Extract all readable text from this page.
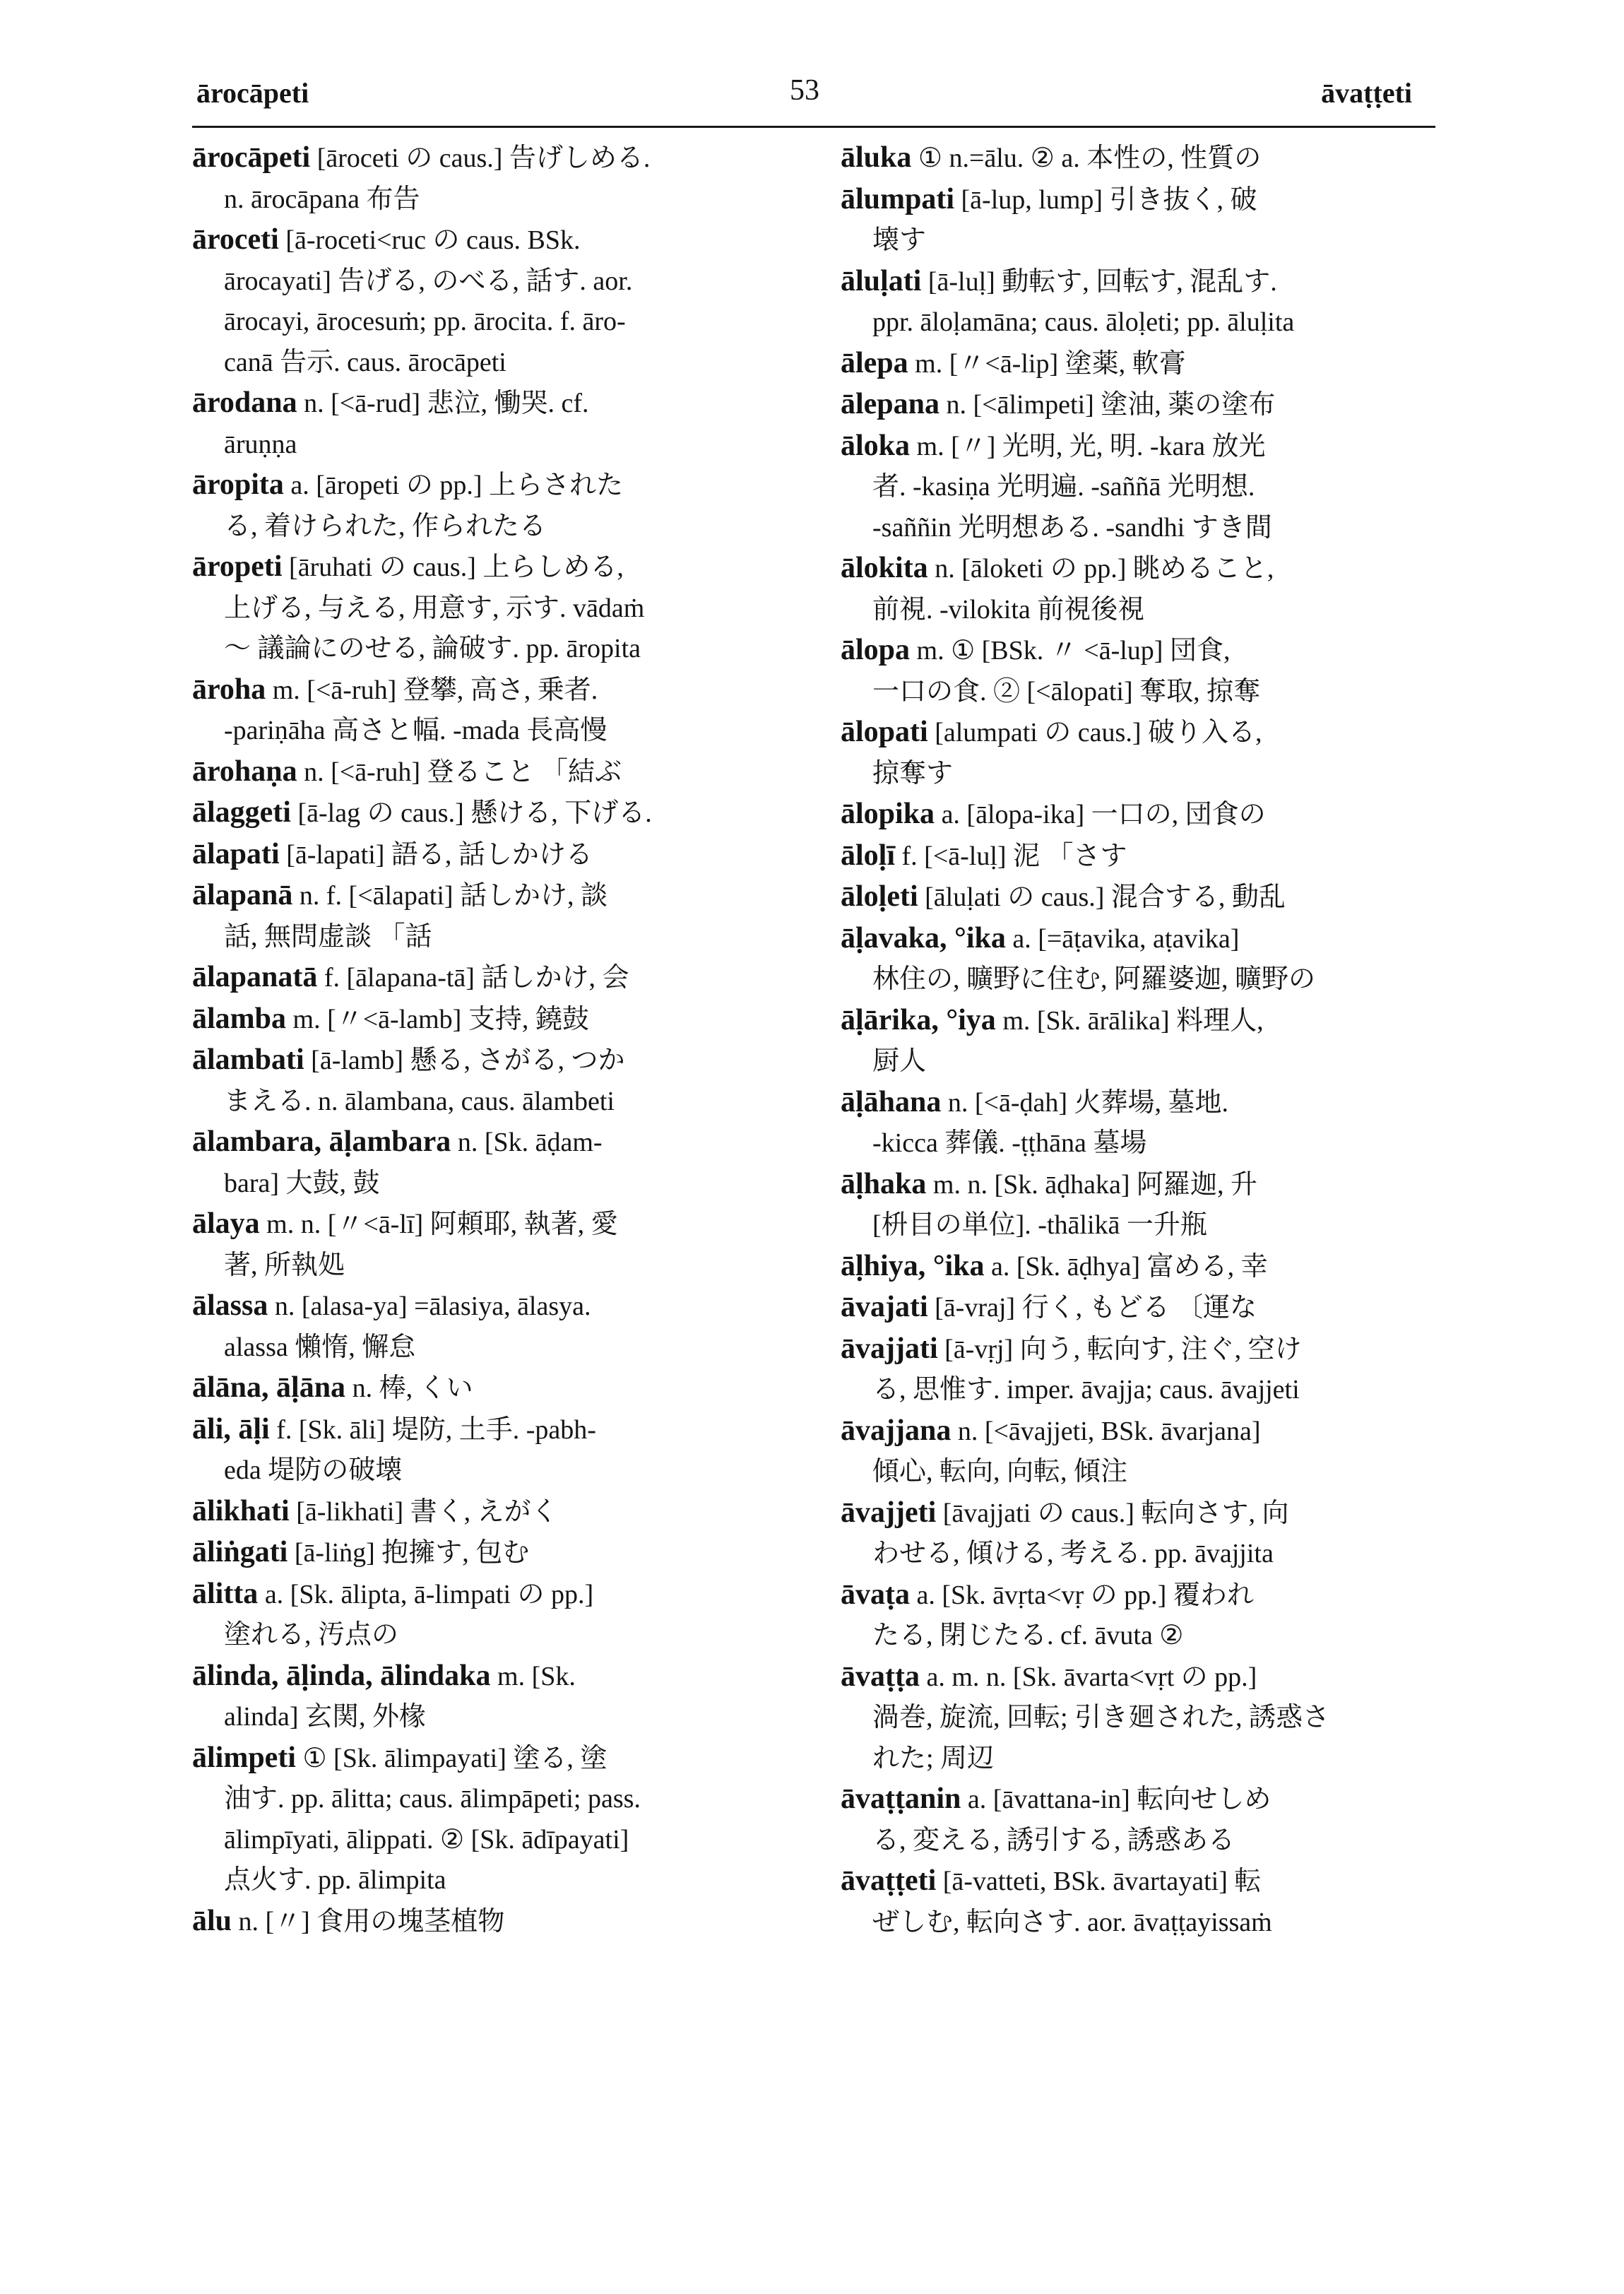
ārocāpeti	53	āvaṭṭeti
ārocāpeti [āroceti の caus.] 告げしめる.
n. ārocāpana 布告
āroceti [ā-roceti<ruc の caus. BSk.
ārocayati] 告げる, のべる, 話す. aor.
ārocayi, ārocesuṁ; pp. ārocita. f. āro-
canā 告示. caus. ārocāpeti
ārodana n. [<ā-rud] 悲泣, 慟哭. cf.
āruṇṇa
āropita a. [āropeti の pp.] 上らされた
る, 着けられた, 作られたる
āropeti [āruhati の caus.] 上らしめる,
上げる, 与える, 用意す, 示す. vādaṁ
～ 議論にのせる, 論破す. pp. āropita
āroha m. [<ā-ruh] 登攀, 高さ, 乗者.
-pariṇāha 高さと幅. -mada 長高慢
ārohaṇa n. [<ā-ruh] 登ること 「結ぶ
ālaggeti [ā-lag の caus.] 懸ける, 下げる.
ālapati [ā-lapati] 語る, 話しかける
ālapanā n. f. [<ālapati] 話しかけ, 談
話, 無問虚談 「話
ālapanatā f. [ālapana-tā] 話しかけ, 会
ālamba m. [〃<ā-lamb] 支持, 鐃鼓
ālambati [ā-lamb] 懸る, さがる, つか
まえる. n. ālambana, caus. ālambeti
ālambara, āḷambara n. [Sk. āḍam-
bara] 大鼓, 鼓
ālaya m. n. [〃<ā-lī] 阿頼耶, 執著, 愛
著, 所執処
ālassa n. [alasa-ya] =ālasiya, ālasya.
alassa 懶惰, 懈怠
ālāna, āḷāna n. 棒, くい
āli, āḷi f. [Sk. āli] 堤防, 土手. -pabh-
eda 堤防の破壊
ālikhati [ā-likhati] 書く, えがく
āliṅgati [ā-liṅg] 抱擁す, 包む
ālitta a. [Sk. ālipta, ā-limpati の pp.]
塗れる, 汚点の
ālinda, āḷinda, ālindaka m. [Sk.
alinda] 玄関, 外椽
ālimpeti ① [Sk. ālimpayati] 塗る, 塗
油す. pp. ālitta; caus. ālimpāpeti; pass.
ālimpīyati, ālippati. ② [Sk. ādīpayati]
点火す. pp. ālimpita
ālu n. [〃] 食用の塊茎植物
āluka ① n.=ālu. ② a. 本性の, 性質の
ālumpati [ā-lup, lump] 引き抜く, 破
壊す
āluḷati [ā-luḷ] 動転す, 回転す, 混乱す.
ppr. āloḷamāna; caus. āloḷeti; pp. āluḷita
ālepa m. [〃<ā-lip] 塗薬, 軟膏
ālepana n. [<ālimpeti] 塗油, 薬の塗布
āloka m. [〃] 光明, 光, 明. -kara 放光
者. -kasiṇa 光明遍. -saññā 光明想.
-saññin 光明想ある. -sandhi すき間
ālokita n. [āloketi の pp.] 眺めること,
前視. -vilokita 前視後視
ālopa m. ① [BSk. 〃 <ā-lup] 団食,
一口の食. ② [<ālopati] 奪取, 掠奪
ālopati [alumpati の caus.] 破り入る,
掠奪す
ālopika a. [ālopa-ika] 一口の, 団食の
āloḷī f. [<ā-luḷ] 泥 「さす
āloḷeti [āluḷati の caus.] 混合する, 動乱
āḷavaka, °ika a. [=āṭavika, aṭavika]
林住の, 曠野に住む, 阿羅婆迦, 曠野の
āḷārika, °iya m. [Sk. ārālika] 料理人,
厨人
āḷāhana n. [<ā-ḍah] 火葬場, 墓地.
-kicca 葬儀. -ṭṭhāna 墓場
āḷhaka m. n. [Sk. āḍhaka] 阿羅迦, 升
[枡目の単位]. -thālikā 一升瓶
āḷhiya, °ika a. [Sk. āḍhya] 富める, 幸
āvajati [ā-vraj] 行く, もどる 〔運な
āvajjati [ā-vṛj] 向う, 転向す, 注ぐ, 空け
る, 思惟す. imper. āvajja; caus. āvajjeti
āvajjana n. [<āvajjeti, BSk. āvarjana]
傾心, 転向, 向転, 傾注
āvajjeti [āvajjati の caus.] 転向さす, 向
わせる, 傾ける, 考える. pp. āvajjita
āvaṭa a. [Sk. āvṛta<vṛ の pp.] 覆われ
たる, 閉じたる. cf. āvuta ②
āvaṭṭa a. m. n. [Sk. āvarta<vṛt の pp.]
渦巻, 旋流, 回転; 引き廻された, 誘惑さ
れた; 周辺
āvaṭṭanin a. [āvattana-in] 転向せしめ
る, 変える, 誘引する, 誘惑ある
āvaṭṭeti [ā-vatteti, BSk. āvartayati] 転
ぜしむ, 転向さす. aor. āvaṭṭayissaṁ
